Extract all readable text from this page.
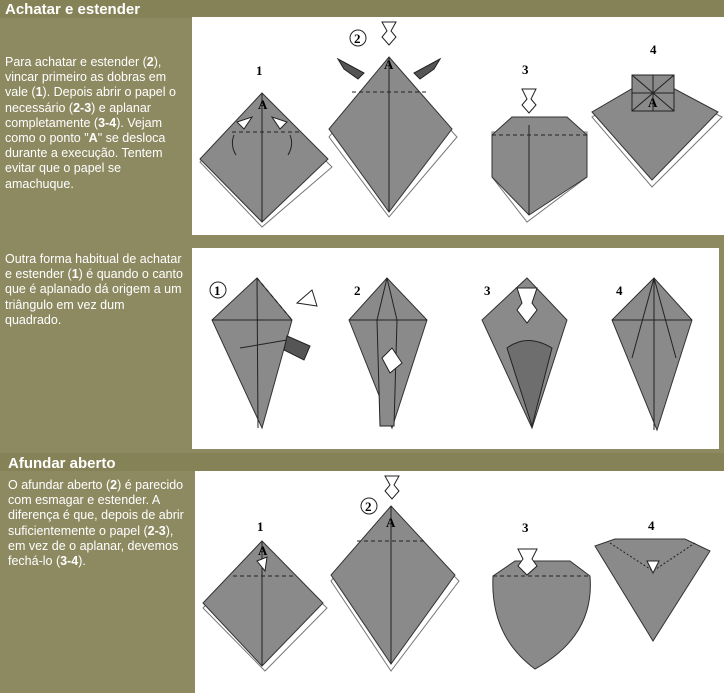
Achatar e estender
Para achatar e estender (2), vincar primeiro as dobras em vale (1). Depois abrir o papel o necessário (2-3) e aplanar completamente (3-4). Vejam como o ponto "A" se desloca durante a execução. Tentem evitar que o papel se amachuque.
Outra forma habitual de achatar e estender (1) é quando o canto que é aplanado dá origem a um triângulo em vez dum quadrado.
1
A
2
A	3
4
A
1	2	3	4
Afundar aberto
O afundar aberto (2) é parecido com esmagar e estender. A diferença é que, depois de abrir suficientemente o papel (2-3), em vez de o aplanar, devemos fechá-lo (3-4).
1
A
2
A	3	4
